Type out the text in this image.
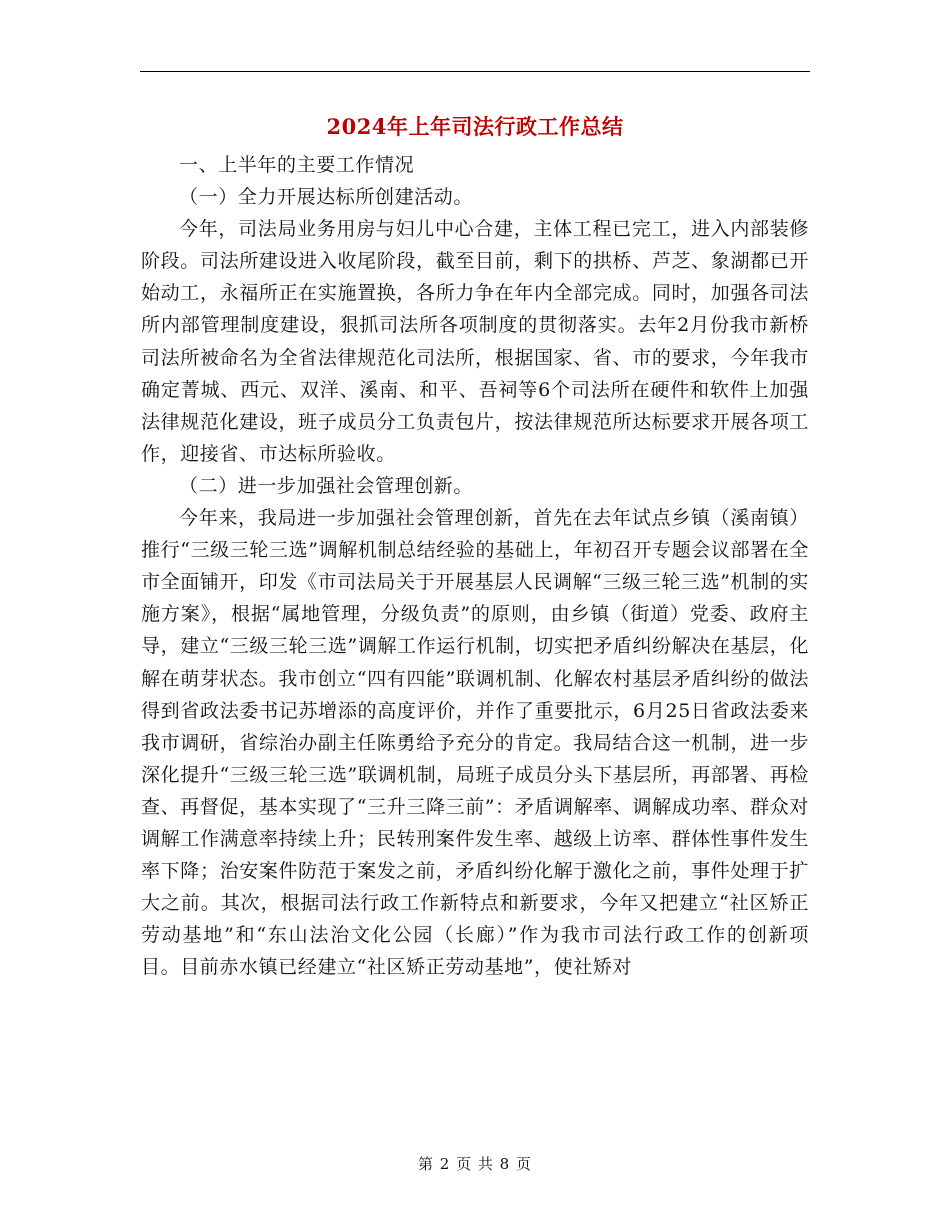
2024年上年司法行政工作总结

一、上半年的主要工作情况

（一）全力开展达标所创建活动。

今年，司法局业务用房与妇儿中心合建，主体工程已完工，进入内部装修阶段。司法所建设进入收尾阶段，截至目前，剩下的拱桥、芦芝、象湖都已开始动工，永福所正在实施置换，各所力争在年内全部完成。同时，加强各司法所内部管理制度建设，狠抓司法所各项制度的贯彻落实。去年2月份我市新桥司法所被命名为全省法律规范化司法所，根据国家、省、市的要求，今年我市确定菁城、西元、双洋、溪南、和平、吾祠等6个司法所在硬件和软件上加强法律规范化建设，班子成员分工负责包片，按法律规范所达标要求开展各项工作，迎接省、市达标所验收。

（二）进一步加强社会管理创新。

今年来，我局进一步加强社会管理创新，首先在去年试点乡镇（溪南镇）推行“三级三轮三选”调解机制总结经验的基础上，年初召开专题会议部署在全市全面铺开，印发《市司法局关于开展基层人民调解“三级三轮三选”机制的实施方案》，根据“属地管理，分级负责”的原则，由乡镇（街道）党委、政府主导，建立“三级三轮三选”调解工作运行机制，切实把矛盾纠纷解决在基层，化解在萌芽状态。我市创立“四有四能”联调机制、化解农村基层矛盾纠纷的做法得到省政法委书记苏增添的高度评价，并作了重要批示，6月25日省政法委来我市调研，省综治办副主任陈勇给予充分的肯定。我局结合这一机制，进一步深化提升“三级三轮三选”联调机制，局班子成员分头下基层所，再部署、再检查、再督促，基本实现了“三升三降三前”：矛盾调解率、调解成功率、群众对调解工作满意率持续上升；民转刑案件发生率、越级上访率、群体性事件发生率下降；治安案件防范于案发之前，矛盾纠纷化解于激化之前，事件处理于扩大之前。其次，根据司法行政工作新特点和新要求，今年又把建立“社区矫正劳动基地”和“东山法治文化公园（长廊）”作为我市司法行政工作的创新项目。目前赤水镇已经建立“社区矫正劳动基地”，使社矫对

第 2 页 共 8 页
